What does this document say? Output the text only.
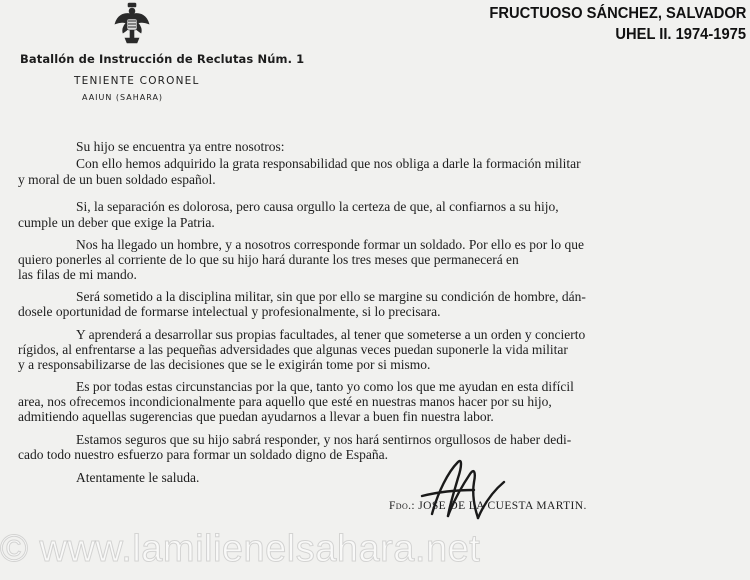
Batallón de Instrucción de Reclutas Núm. 1
TENIENTE CORONEL
AAIUN (SAHARA)
FRUCTUOSO SÁNCHEZ, SALVADOR
UHEL II. 1974-1975
Su hijo se encuentra ya entre nosotros:
Con ello hemos adquirido la grata responsabilidad que nos obliga a darle la formación militar
y moral de un buen soldado español.
Si, la separación es dolorosa, pero causa orgullo la certeza de que, al confiarnos a su hijo,
cumple un deber que exige la Patria.
Nos ha llegado un hombre, y a nosotros corresponde formar un soldado. Por ello es por lo que
quiero ponerles al corriente de lo que su hijo hará durante los tres meses que permanecerá en
las filas de mi mando.
Será sometido a la disciplina militar, sin que por ello se margine su condición de hombre, dán-
dosele oportunidad de formarse intelectual y profesionalmente, si lo precisara.
Y aprenderá a desarrollar sus propias facultades, al tener que someterse a un orden y concierto
rígidos, al enfrentarse a las pequeñas adversidades que algunas veces puedan suponerle la vida militar
y a responsabilizarse de las decisiones que se le exigirán tome por si mismo.
Es por todas estas circunstancias por la que, tanto yo como los que me ayudan en esta difícil
area, nos ofrecemos incondicionalmente para aquello que esté en nuestras manos hacer por su hijo,
admitiendo aquellas sugerencias que puedan ayudarnos a llevar a buen fin nuestra labor.
Estamos seguros que su hijo sabrá responder, y nos hará sentirnos orgullosos de haber dedi-
cado todo nuestro esfuerzo para formar un soldado digno de España.
Atentamente le saluda.
Fdo.: JOSE DE LA CUESTA MARTIN.
© www.lamilienelsahara.net
